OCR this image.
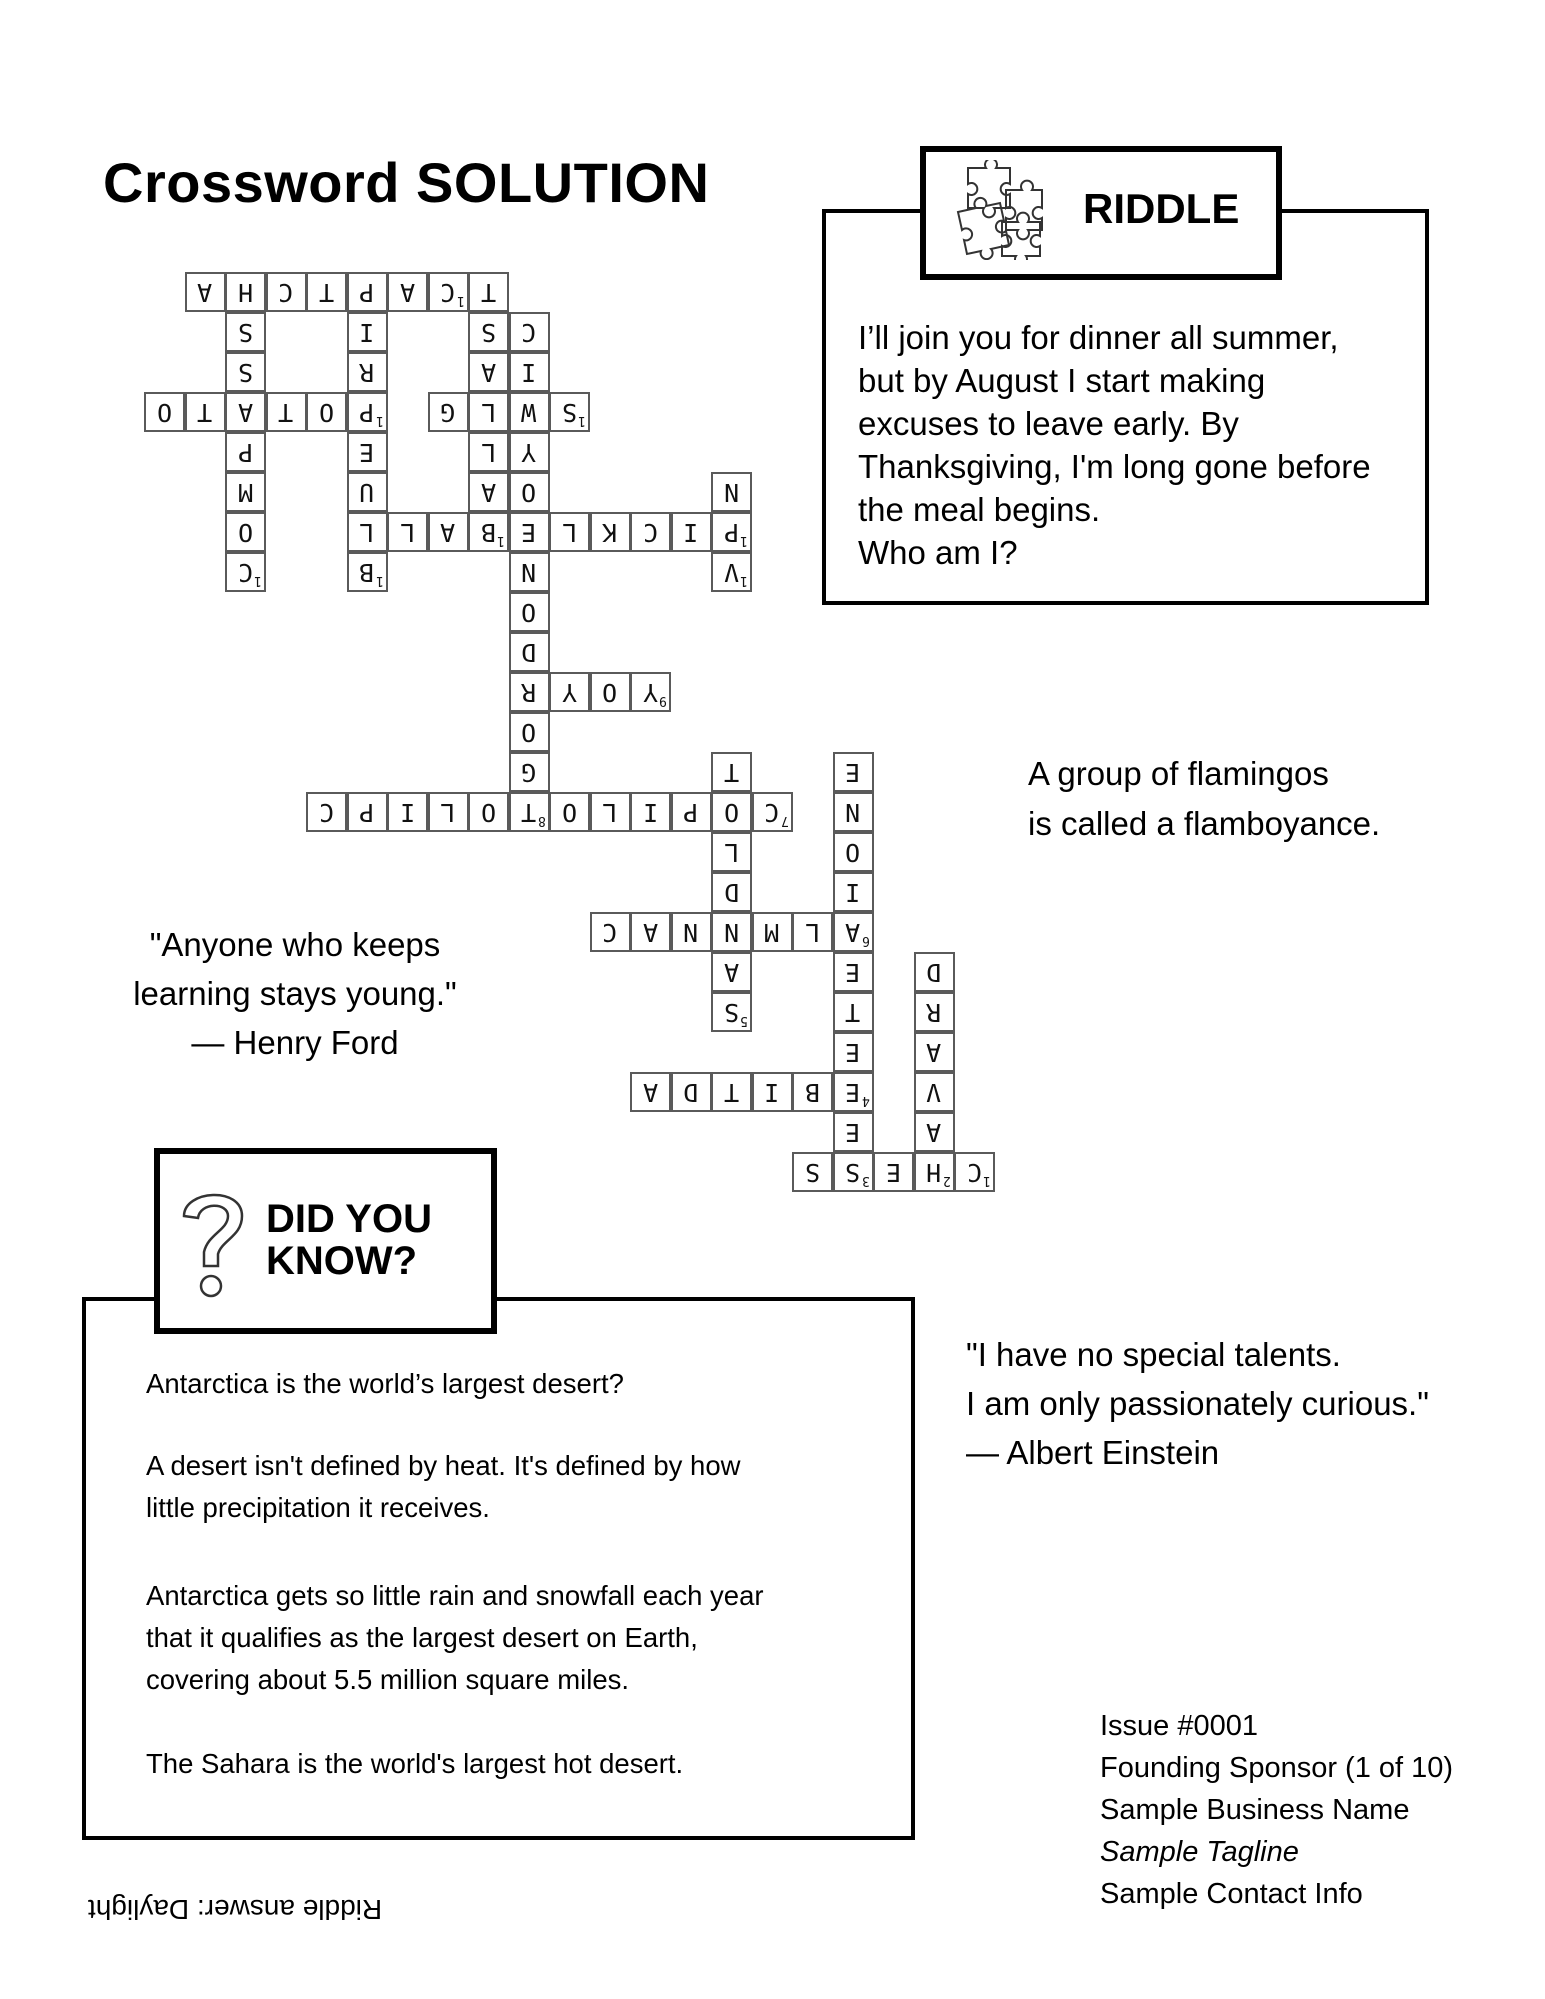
Crossword SOLUTION
C 1
A
P
T
C
H
A
C 1
O
M
P
A
S
S
B 1
L
U
E
P 1
R
I
O
T
T
O
P 1
I
C
K
L
E
B 1
A
L
V 1
N
A
L
L
A
S
T
S 1
W
G
G
O
R
D
O
N
O
Y
I
C
Y 9
O
Y
T 8
O
L
I
P
C	C 7
O
P
I
L
O
S 5
A
N
D
L
T
A 6
L
M
N
A
C
E 4
B
I
T
D
A
C 1
H 2
E
S 3
S
A
V
A
R
D
E
E
T
E
I
O
N
E
RIDDLE
I’ll join you for dinner all summer,
but by August I start making
excuses to leave early. By
Thanksgiving, I'm long gone before
the meal begins.
Who am I?
A group of flamingos
is called a flamboyance.
"Anyone who keeps
learning stays young."
— Henry Ford
DID YOU
KNOW?

Antarctica is the world’s largest desert?

A desert isn't defined by heat. It's defined by how

little precipitation it receives.

Antarctica gets so little rain and snowfall each year

that it qualifies as the largest desert on Earth,

covering about 5.5 million square miles.

The Sahara is the world's largest hot desert.

"I have no special talents.
I am only passionately curious."
— Albert Einstein
Issue #0001
Founding Sponsor (1 of 10)
Sample Business Name
Sample Tagline
Sample Contact Info
Riddle answer: Daylight
